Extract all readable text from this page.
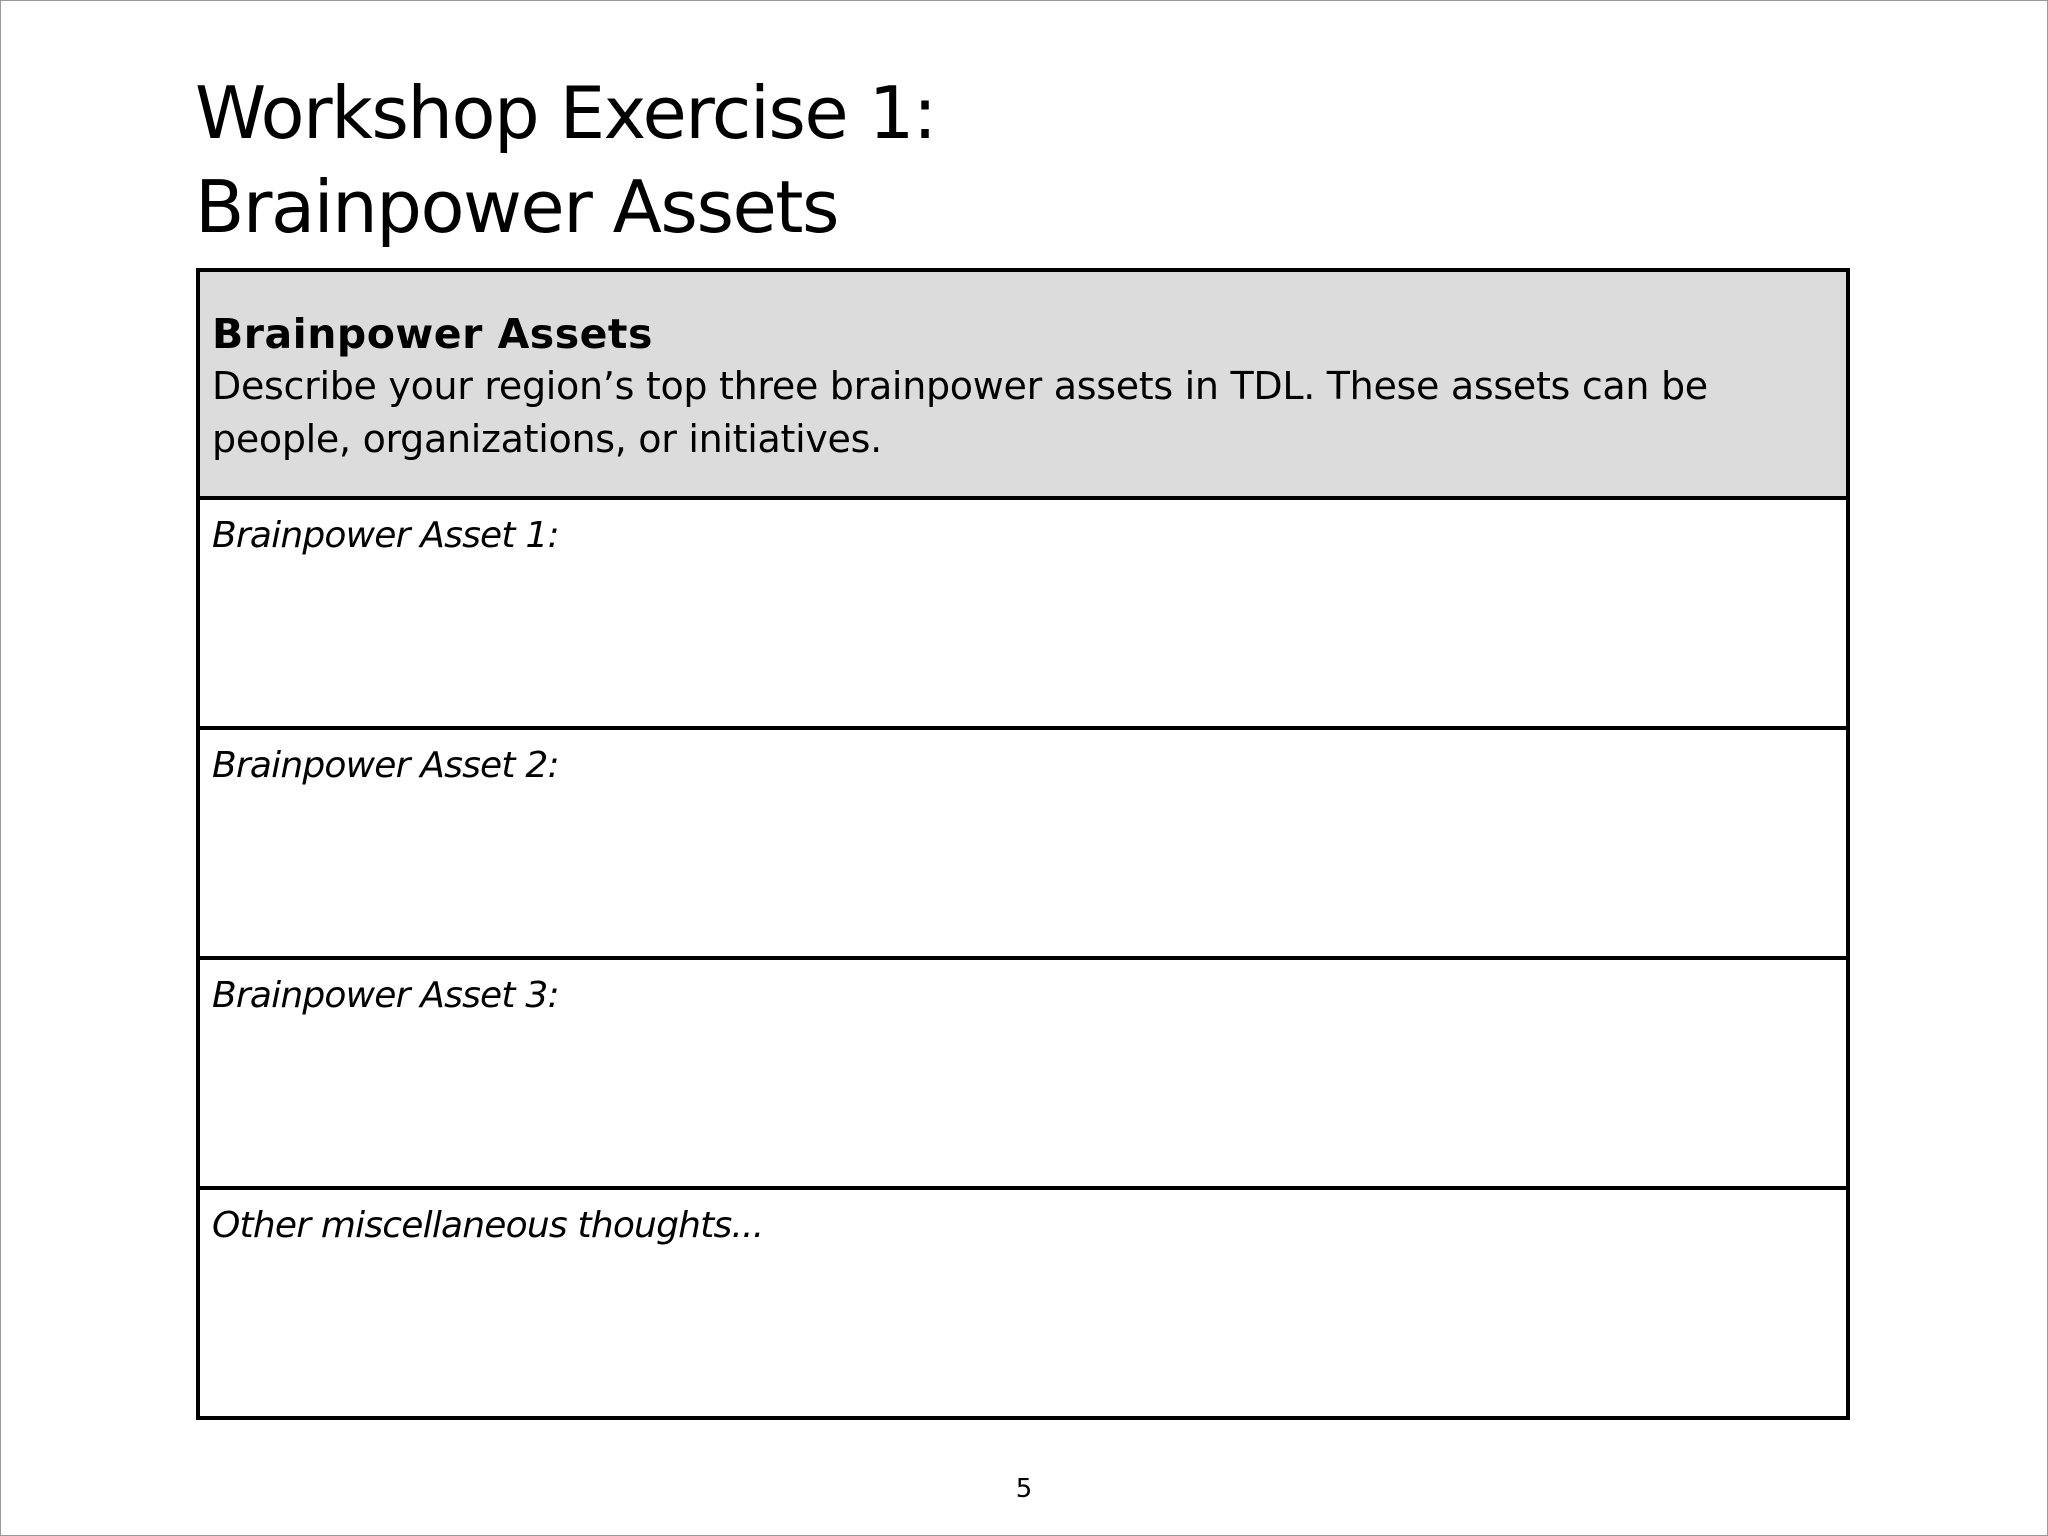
Workshop Exercise 1:
Brainpower Assets
Brainpower Assets
Describe your region’s top three brainpower assets in TDL. These assets can be people, organizations, or initiatives.
Brainpower Asset 1:
Brainpower Asset 2:
Brainpower Asset 3:
Other miscellaneous thoughts...
5
